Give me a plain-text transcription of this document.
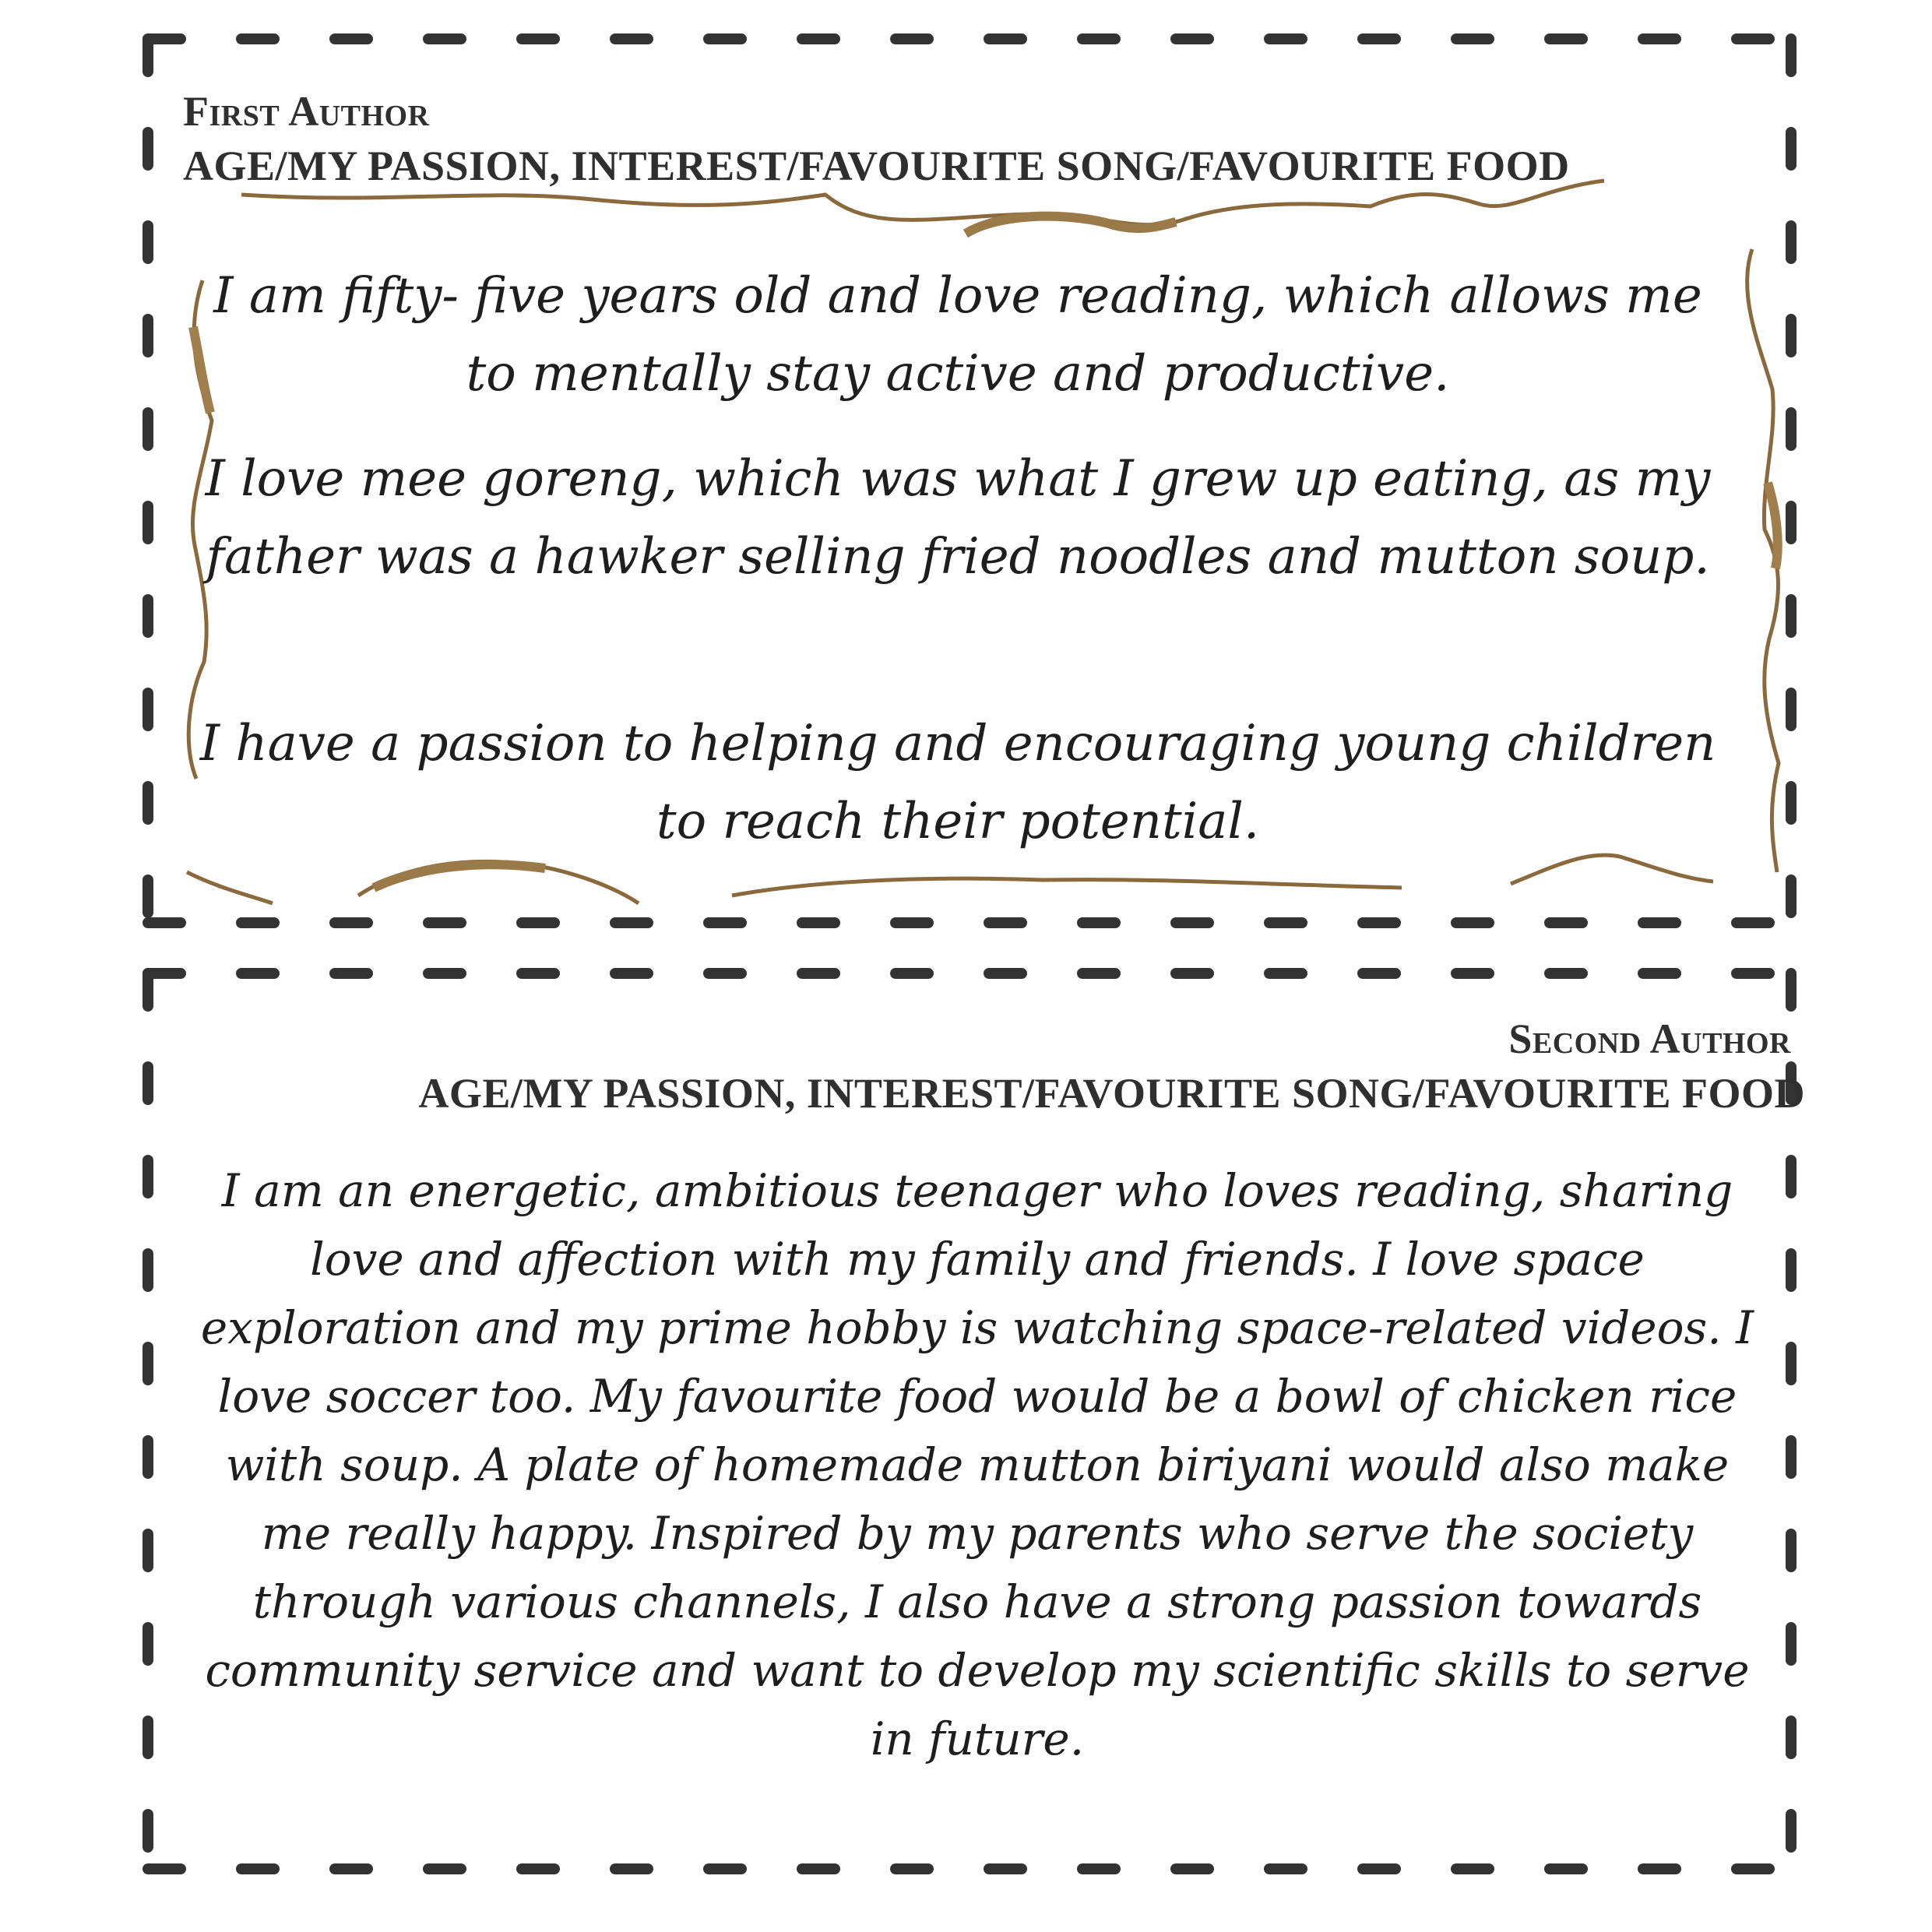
First Author
AGE/MY PASSION, INTEREST/FAVOURITE SONG/FAVOURITE FOOD

I am fifty- five years old and love reading, which allows me to mentally stay active and productive.

I love mee goreng, which was what I grew up eating, as my father was a hawker selling fried noodles and mutton soup.

I have a passion to helping and encouraging young children to reach their potential.

Second Author
AGE/MY PASSION, INTEREST/FAVOURITE SONG/FAVOURITE FOOD

I am an energetic, ambitious teenager who loves reading, sharing love and affection with my family and friends. I love space exploration and my prime hobby is watching space-related videos. I love soccer too. My favourite food would be a bowl of chicken rice with soup. A plate of homemade mutton biriyani would also make me really happy. Inspired by my parents who serve the society through various channels, I also have a strong passion towards community service and want to develop my scientific skills to serve in future.
